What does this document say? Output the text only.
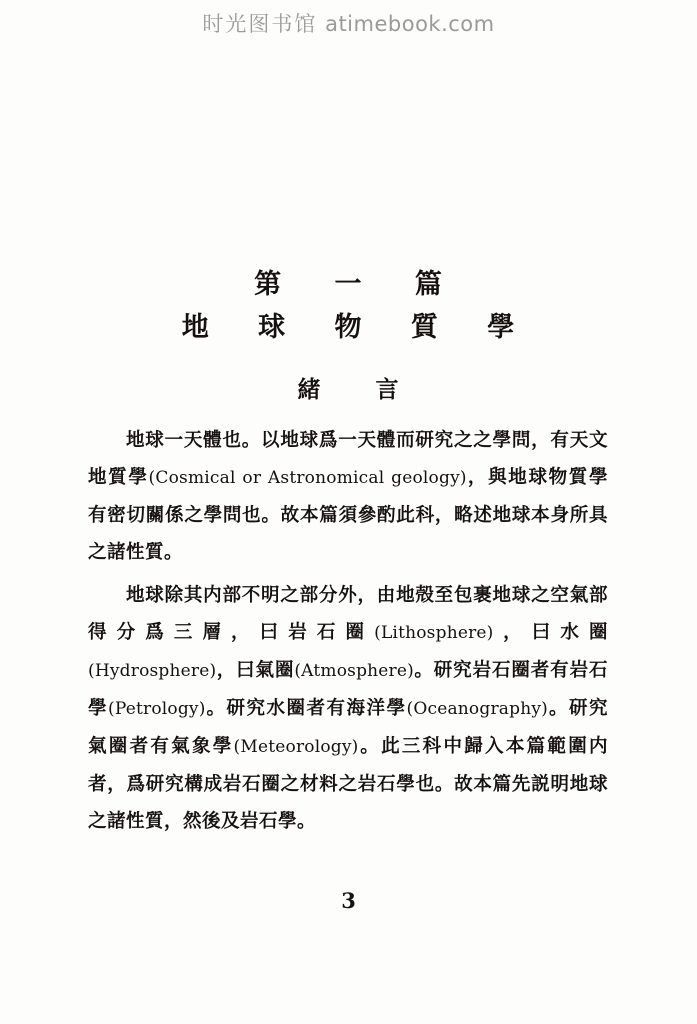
时光图书馆 atimebook.com
第 一 篇
地 球 物 質 學
緒　言

地球一天體也。以地球爲一天體而研究之之學問，有天文地質學(Cosmical or Astronomical geology)，與地球物質學有密切關係之學問也。故本篇須參酌此科，略述地球本身所具之諸性質。

地球除其内部不明之部分外，由地殻至包裹地球之空氣部得分爲三層，曰岩石圈(Lithosphere)，曰水圈(Hydrosphere)，曰氣圈(Atmosphere)。研究岩石圈者有岩石學(Petrology)。研究水圈者有海洋學(Oceanography)。研究氣圈者有氣象學(Meteorology)。此三科中歸入本篇範圍内者，爲研究構成岩石圈之材料之岩石學也。故本篇先説明地球之諸性質，然後及岩石學。

3
